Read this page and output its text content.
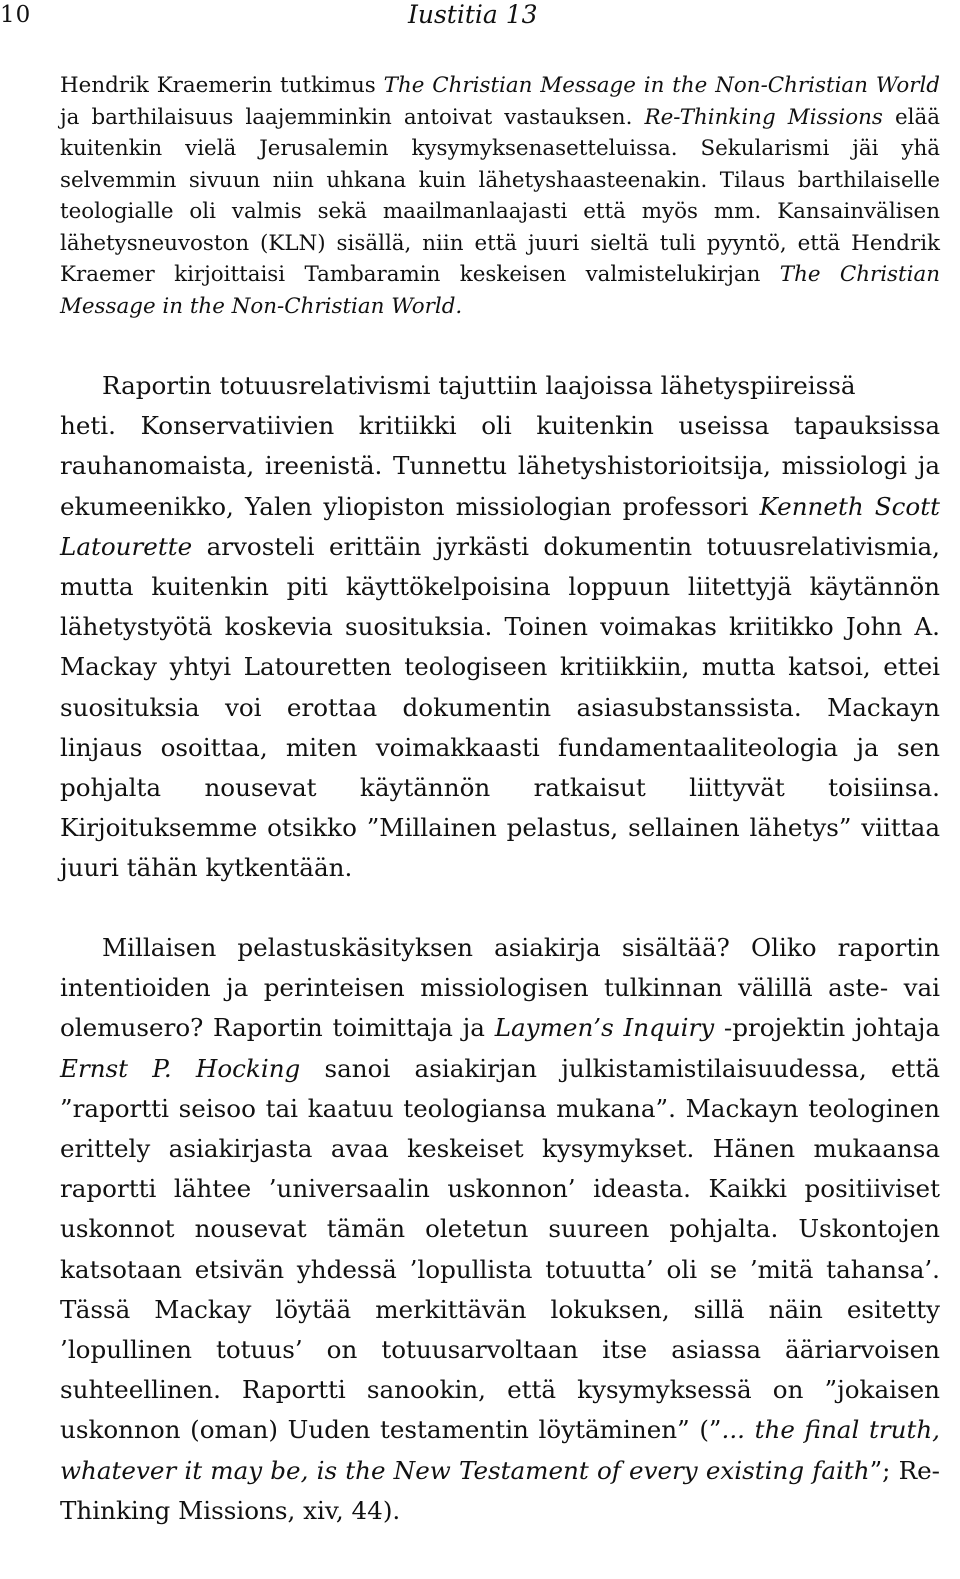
10	Iustitia 13

Hendrik Kraemerin tutkimus The Christian Message in the Non-Christian World ja barthilaisuus laajemminkin antoivat vastauksen. Re-Thinking Missions elää kuitenkin vielä Jerusalemin kysymyksenasetteluissa. Sekularismi jäi yhä selvemmin sivuun niin uhkana kuin lähetyshaasteenakin. Tilaus barthilaiselle teologialle oli valmis sekä maailmanlaajasti että myös mm. Kansainvälisen lähetysneuvoston (KLN) sisällä, niin että juuri sieltä tuli pyyntö, että Hendrik Kraemer kirjoittaisi Tambaramin keskeisen valmistelukirjan The Christian Message in the Non-Christian World.

Raportin totuusrelativismi tajuttiin laajoissa lähetyspiireissä
heti. Konservatiivien kritiikki oli kuitenkin useissa tapauksissa rauhanomaista, ireenistä. Tunnettu lähetyshistorioitsija, missiologi ja ekumeenikko, Yalen yliopiston missiologian professori Kenneth Scott Latourette arvosteli erittäin jyrkästi dokumentin totuusrelativismia, mutta kuitenkin piti käyttökelpoisina loppuun liitettyjä käytännön lähetystyötä koskevia suosituksia. Toinen voimakas kriitikko John A. Mackay yhtyi Latouretten teologiseen kritiikkiin, mutta katsoi, ettei suosituksia voi erottaa dokumentin asiasubstanssista. Mackayn linjaus osoittaa, miten voimakkaasti fundamentaaliteologia ja sen pohjalta nousevat käytännön ratkaisut liittyvät toisiinsa. Kirjoituksemme otsikko ”Millainen pelastus, sellainen lähetys” viittaa juuri tähän kytkentään.

Millaisen pelastuskäsityksen asiakirja sisältää? Oliko raportin intentioiden ja perinteisen missiologisen tulkinnan välillä aste- vai olemusero? Raportin toimittaja ja Laymen’s Inquiry -projektin johtaja Ernst P. Hocking sanoi asiakirjan julkistamistilaisuudessa, että ”raportti seisoo tai kaatuu teologiansa mukana”. Mackayn teologinen erittely asiakirjasta avaa keskeiset kysymykset. Hänen mukaansa raportti lähtee ’universaalin uskonnon’ ideasta. Kaikki positiiviset uskonnot nousevat tämän oletetun suureen pohjalta. Uskontojen katsotaan etsivän yhdessä ’lopullista totuutta’ oli se ’mitä tahansa’. Tässä Mackay löytää merkittävän lokuksen, sillä näin esitetty ’lopullinen totuus’ on totuusarvoltaan itse asiassa ääriarvoisen suhteellinen. Raportti sanookin, että kysymyksessä on ”jokaisen uskonnon (oman) Uuden testamentin löytäminen” (”... the final truth, whatever it may be, is the New Testament of every existing faith”; Re-Thinking Missions, xiv, 44).
